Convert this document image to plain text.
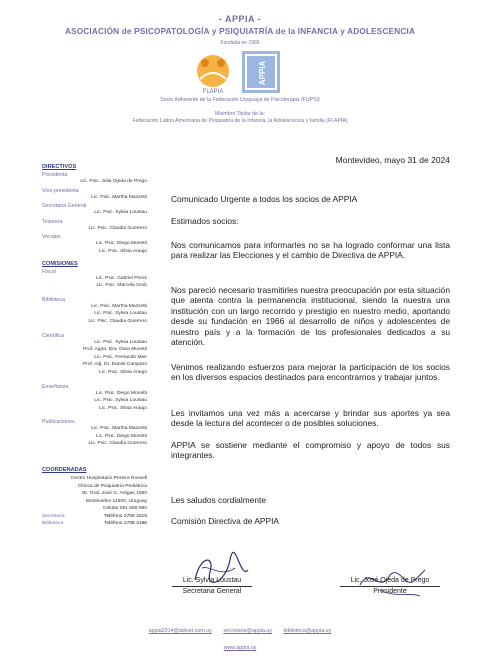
- APPIA -
ASOCIACIÓN de PSICOPATOLOGÍA y PSIQUIATRÍA de la INFANCIA y ADOLESCENCIA
Fundada en 1966
FLAPIA
APPIA
Socio Adherente de la Federación Uruguaya de Psicoterapia (FUPSI)
Miembro Titular de la:
Federación Latino Americana de Psiquiatría de la Infancia, la Adolescencia y familia (FLAPIA)
DIRECTIVOS
Presidenta
Lic. Psic. Julia Ojeda de Prego
Vice-presidenta
Lic. Psic. Martha Mazzetti
Secretaria General
Lic. Psic. Sylvia Loustau
Tesorera
Lic. Psic. Claudia Guerrero
Vocales
Lic. Psic. Diego Monetti
Lic. Psic. Silvia Araujo
COMISIONES
Fiscal
Lic. Psic. Gabriel Perez
Lic. Psic. Marcela Grub
Biblioteca
Lic. Psic. Martha Mazzetti
Lic. Psic. Sylvia Loustau
Lic. Psic. Claudia Guerrero
Científica
Lic. Psic. Sylvia Loustau
Prof. Agda. Dra. Dora Musetti
Lic. Psic. Fernando Mier
Prof. Adj. Dr. Daniel Camparo
Lic. Psic. Silvia Araujo
Enseñanza
Lic. Psic. Diego Monetti
Lic. Psic. Sylvia Loustau
Lic. Psic. Silvia Araujo
Publicaciones
Lic. Psic. Martha Mazzetti
Lic. Psic. Diego Monetti
Lic. Psic. Claudia Guerrero
COORDENADAS
Centro Hospitalario Pereira Rossell
Clínica de Psiquiatría Pediátrica
Br. Gral. José G. Artigas 1590
Montevideo 11600, Uruguay
Celular 091 659 990
Secretaría	Teléfono 2709 3219
Biblioteca	Teléfono 2708 4196
Montevideo, mayo 31 de 2024
Comunicado Urgente a todos los socios de APPIA
Estimados socios:
Nos comunicamos para informarles no se ha logrado conformar una lista para realizar las Elecciones y el cambio de Directiva de APPIA.
Nos pareció necesario trasmitirles nuestra preocupación por esta situación que atenta contra la permanencia institucional, siendo la nuestra una institución con un largo recorrido y prestigio en nuestro medio, aportando desde su fundación en 1966 al desarrollo de niños y adolescentes de nuestro país y a la formación de los profesionales dedicados a su atención.
Venimos realizando esfuerzos para mejorar la participación de los socios en los diversos espacios destinados para encontrarnos y trabajar juntos.
Les invitamos una vez más a acercarse y brindar sus aportes ya sea desde la lectura del acontecer o de posibles soluciones.
APPIA se sostiene mediante el compromiso y apoyo de todos sus integrantes.
Les saludos cordialmente
Comisión Directiva de APPIA
Lic. Sylvia Loustau
Secretaria General
Lic. José Ojeda de Prego
Presidente
appia2014@adinet.com.uy secretaria@appia.uy biblioteca@appia.uy
www.appia.uy
